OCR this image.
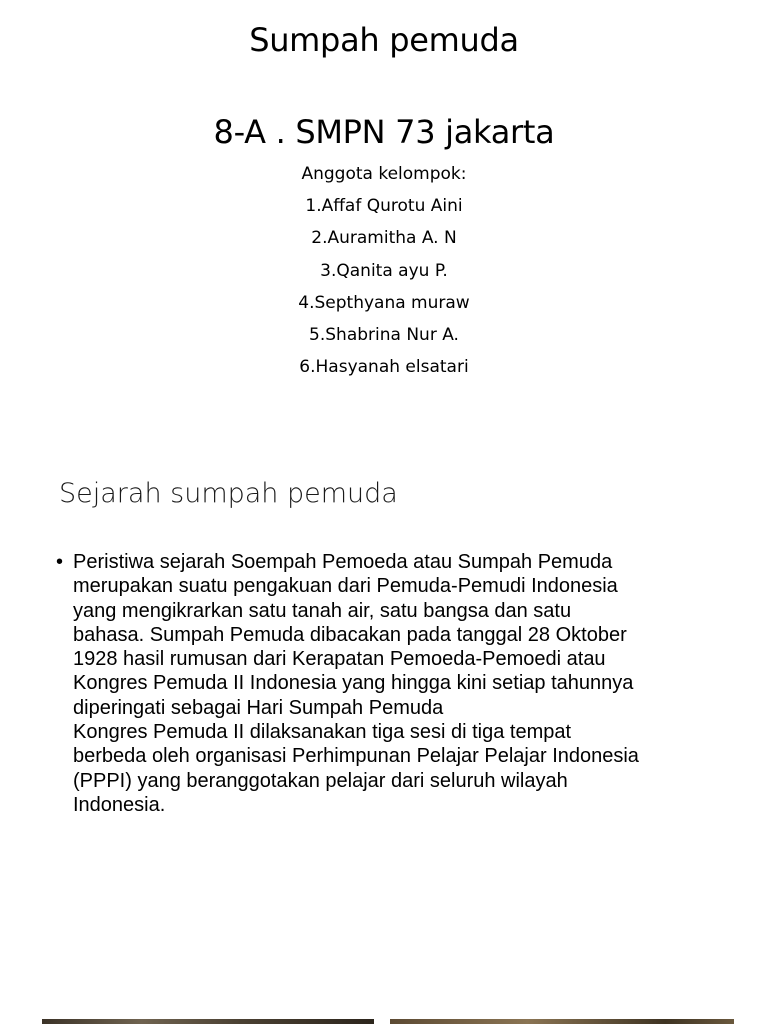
Sumpah pemuda
8-A . SMPN 73 jakarta
Anggota kelompok:
1.Affaf Qurotu Aini
2.Auramitha A. N
3.Qanita ayu P.
4.Septhyana muraw
5.Shabrina Nur A.
6.Hasyanah elsatari
Sejarah sumpah pemuda
• Peristiwa sejarah Soempah Pemoeda atau Sumpah Pemuda
merupakan suatu pengakuan dari Pemuda-Pemudi Indonesia
yang mengikrarkan satu tanah air, satu bangsa dan satu
bahasa. Sumpah Pemuda dibacakan pada tanggal 28 Oktober
1928 hasil rumusan dari Kerapatan Pemoeda-Pemoedi atau
Kongres Pemuda II Indonesia yang hingga kini setiap tahunnya
diperingati sebagai Hari Sumpah Pemuda
Kongres Pemuda II dilaksanakan tiga sesi di tiga tempat
berbeda oleh organisasi Perhimpunan Pelajar Pelajar Indonesia
(PPPI) yang beranggotakan pelajar dari seluruh wilayah
Indonesia.
